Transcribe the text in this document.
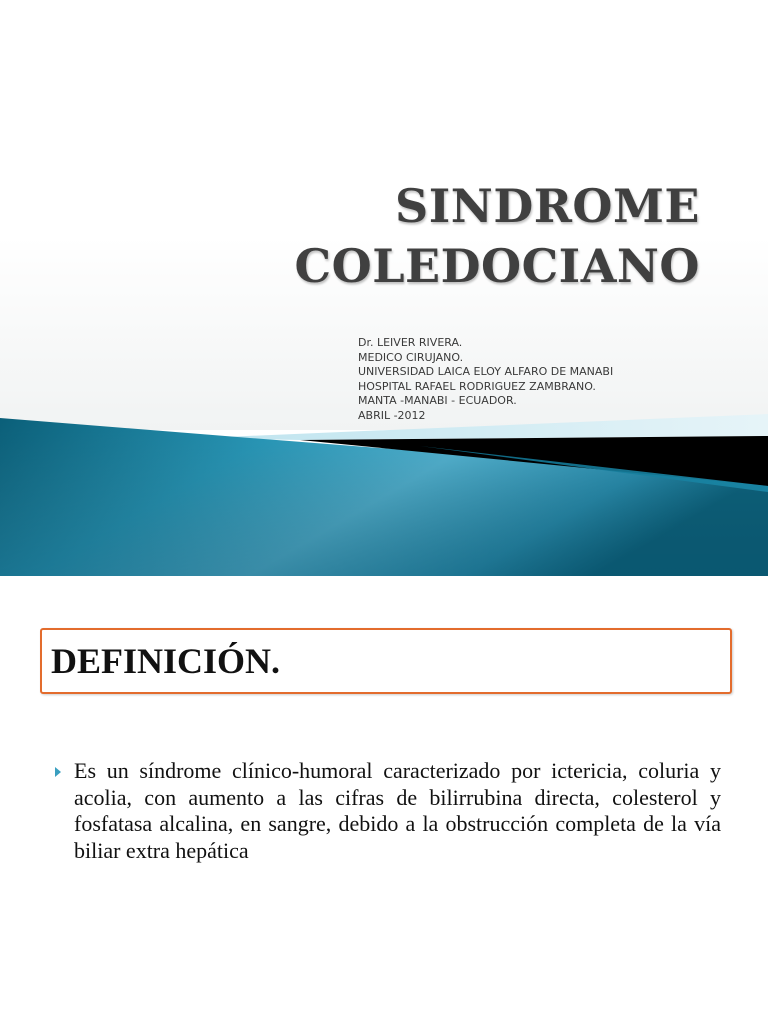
SINDROME
COLEDOCIANO
Dr. LEIVER RIVERA.
MEDICO CIRUJANO.
UNIVERSIDAD LAICA ELOY ALFARO DE MANABI
HOSPITAL RAFAEL RODRIGUEZ ZAMBRANO.
MANTA -MANABI - ECUADOR.
ABRIL -2012
DEFINICIÓN.
Es un síndrome clínico-humoral caracterizado por ictericia, coluria y acolia, con aumento a las cifras de bilirrubina directa, colesterol y fosfatasa alcalina, en sangre, debido a la obstrucción completa de la vía biliar extra hepática
